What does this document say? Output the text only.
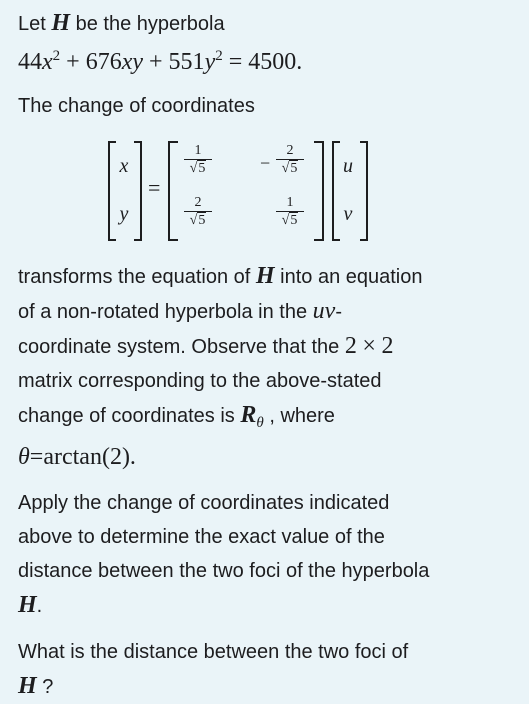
Let H be the hyperbola

$44x^2 + 676xy + 551y^2 = 4500$.

The change of coordinates

x
y
=
$\frac{1}{√5}$ −
2
√5
$\frac{2}{√5}$	$\frac{1}{√5}$
u
v
transforms the equation of H into an equation
of a non-rotated hyperbola in the uv-
coordinate system. Observe that the 2 × 2
matrix corresponding to the above-stated
change of coordinates is $R_\theta$ , where
θ=arctan(2).
Apply the change of coordinates indicated
above to determine the exact value of the
distance between the two foci of the hyperbola
H.
What is the distance between the two foci of
H ?
